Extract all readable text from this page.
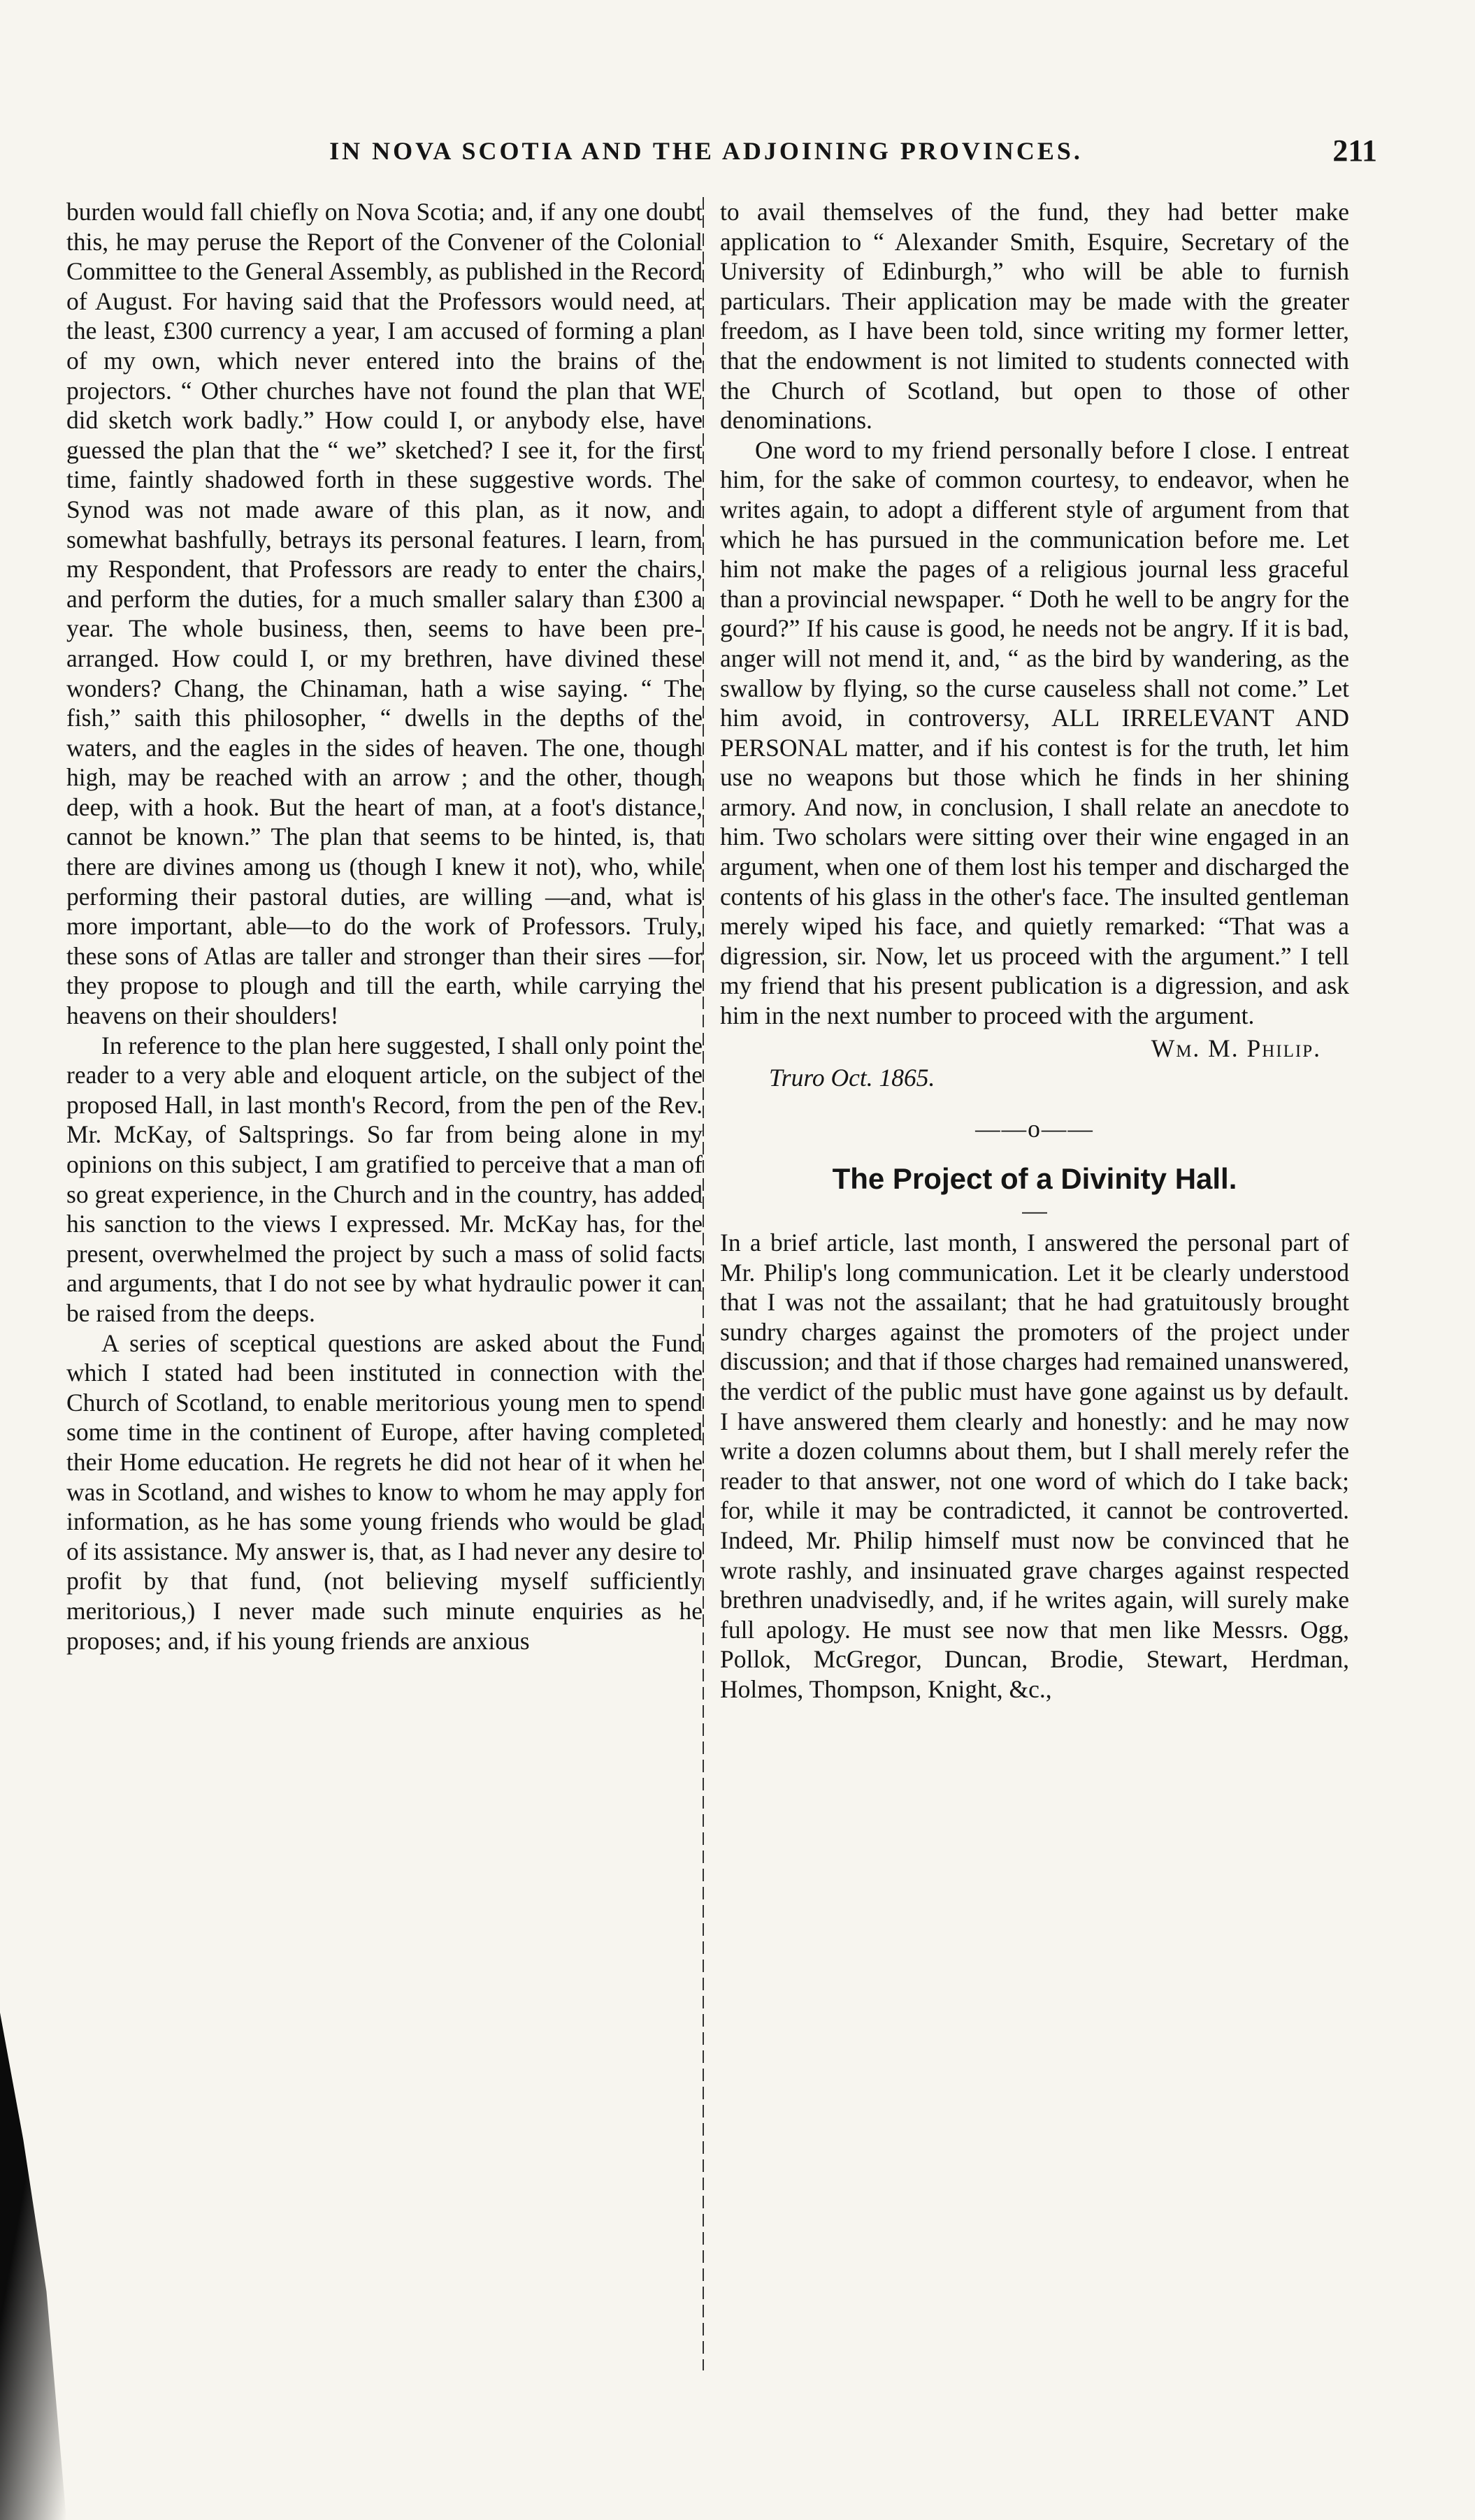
IN NOVA SCOTIA AND THE ADJOINING PROVINCES.	211

burden would fall chiefly on Nova Scotia; and, if any one doubt this, he may peruse the Report of the Convener of the Colonial Committee to the General Assembly, as published in the Record of August. For having said that the Professors would need, at the least, £300 currency a year, I am accused of forming a plan of my own, which never entered into the brains of the projectors. “ Other churches have not found the plan that WE did sketch work badly.” How could I, or anybody else, have guessed the plan that the “ we” sketched? I see it, for the first time, faintly shadowed forth in these suggestive words. The Synod was not made aware of this plan, as it now, and somewhat bashfully, betrays its personal features. I learn, from my Respondent, that Professors are ready to enter the chairs, and perform the duties, for a much smaller salary than £300 a year. The whole business, then, seems to have been pre-arranged. How could I, or my brethren, have divined these wonders? Chang, the Chinaman, hath a wise saying. “ The fish,” saith this philosopher, “ dwells in the depths of the waters, and the eagles in the sides of heaven. The one, though high, may be reached with an arrow ; and the other, though deep, with a hook. But the heart of man, at a foot's distance, cannot be known.” The plan that seems to be hinted, is, that there are divines among us (though I knew it not), who, while performing their pastoral duties, are willing —and, what is more important, able—to do the work of Professors. Truly, these sons of Atlas are taller and stronger than their sires —for they propose to plough and till the earth, while carrying the heavens on their shoulders!

In reference to the plan here suggested, I shall only point the reader to a very able and eloquent article, on the subject of the proposed Hall, in last month's Record, from the pen of the Rev. Mr. McKay, of Saltsprings. So far from being alone in my opinions on this subject, I am gratified to perceive that a man of so great experience, in the Church and in the country, has added his sanction to the views I expressed. Mr. McKay has, for the present, overwhelmed the project by such a mass of solid facts and arguments, that I do not see by what hydraulic power it can be raised from the deeps.

A series of sceptical questions are asked about the Fund which I stated had been instituted in connection with the Church of Scotland, to enable meritorious young men to spend some time in the continent of Europe, after having completed their Home education. He regrets he did not hear of it when he was in Scotland, and wishes to know to whom he may apply for information, as he has some young friends who would be glad of its assistance. My answer is, that, as I had never any desire to profit by that fund, (not believing myself sufficiently meritorious,) I never made such minute enquiries as he proposes; and, if his young friends are anxious

to avail themselves of the fund, they had better make application to “ Alexander Smith, Esquire, Secretary of the University of Edinburgh,” who will be able to furnish particulars. Their application may be made with the greater freedom, as I have been told, since writing my former letter, that the endowment is not limited to students connected with the Church of Scotland, but open to those of other denominations.

One word to my friend personally before I close. I entreat him, for the sake of common courtesy, to endeavor, when he writes again, to adopt a different style of argument from that which he has pursued in the communication before me. Let him not make the pages of a religious journal less graceful than a provincial newspaper. “ Doth he well to be angry for the gourd?” If his cause is good, he needs not be angry. If it is bad, anger will not mend it, and, “ as the bird by wandering, as the swallow by flying, so the curse causeless shall not come.” Let him avoid, in controversy, ALL IRRELEVANT AND PERSONAL matter, and if his contest is for the truth, let him use no weapons but those which he finds in her shining armory. And now, in conclusion, I shall relate an anecdote to him. Two scholars were sitting over their wine engaged in an argument, when one of them lost his temper and discharged the contents of his glass in the other's face. The insulted gentleman merely wiped his face, and quietly remarked: “That was a digression, sir. Now, let us proceed with the argument.” I tell my friend that his present publication is a digression, and ask him in the next number to proceed with the argument.

Wm. M. Philip.
Truro Oct. 1865.
——o——
The Project of a Divinity Hall.
—

In a brief article, last month, I answered the personal part of Mr. Philip's long communication. Let it be clearly understood that I was not the assailant; that he had gratuitously brought sundry charges against the promoters of the project under discussion; and that if those charges had remained unanswered, the verdict of the public must have gone against us by default. I have answered them clearly and honestly: and he may now write a dozen columns about them, but I shall merely refer the reader to that answer, not one word of which do I take back; for, while it may be contradicted, it cannot be controverted. Indeed, Mr. Philip himself must now be convinced that he wrote rashly, and insinuated grave charges against respected brethren unadvisedly, and, if he writes again, will surely make full apology. He must see now that men like Messrs. Ogg, Pollok, McGregor, Duncan, Brodie, Stewart, Herdman, Holmes, Thompson, Knight, &c.,
